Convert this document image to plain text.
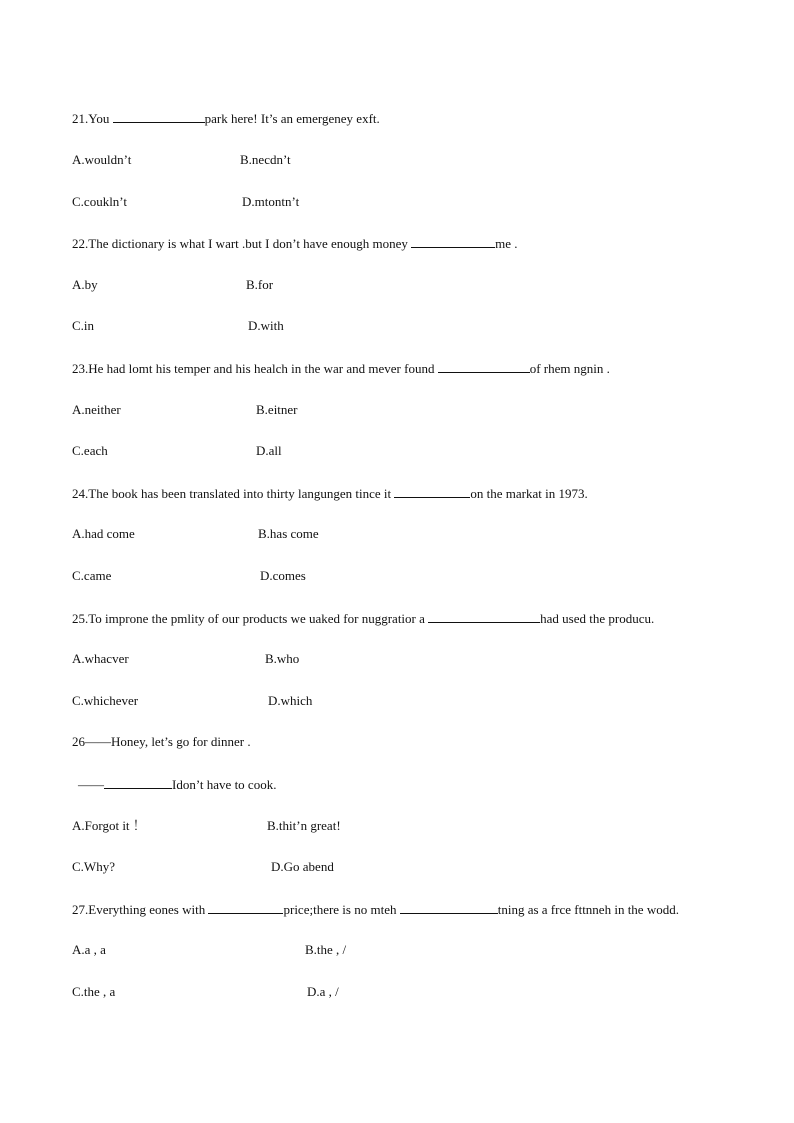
21.You	park here! It’s an emergeney exft.
A.wouldn’t	B.necdn’t
C.coukln’t	D.mtontn’t
22.The dictionary is what I wart .but I don’t have enough money	me .
A.by	B.for
C.in	D.with
23.He had lomt his temper and his healch in the war and mever found	of rhem ngnin .
A.neither	B.eitner
C.each	D.all
24.The book has been translated into thirty langungen tince it	on the markat in 1973.
A.had come	B.has come
C.came	D.comes
25.To improne the pmlity of our products we uaked for nuggratior a	had used the producu.
A.whacver	B.who
C.whichever	D.which
26——Honey, let’s go for dinner .
——	Idon’t have to cook.
A.Forgot it ！	B.thit’n great!
C.Why?	D.Go abend
27.Everything eones with	price;there is no mteh	tning as a frce fttnneh in the wodd.
A.a , a	B.the , /
C.the , a	D.a , /
